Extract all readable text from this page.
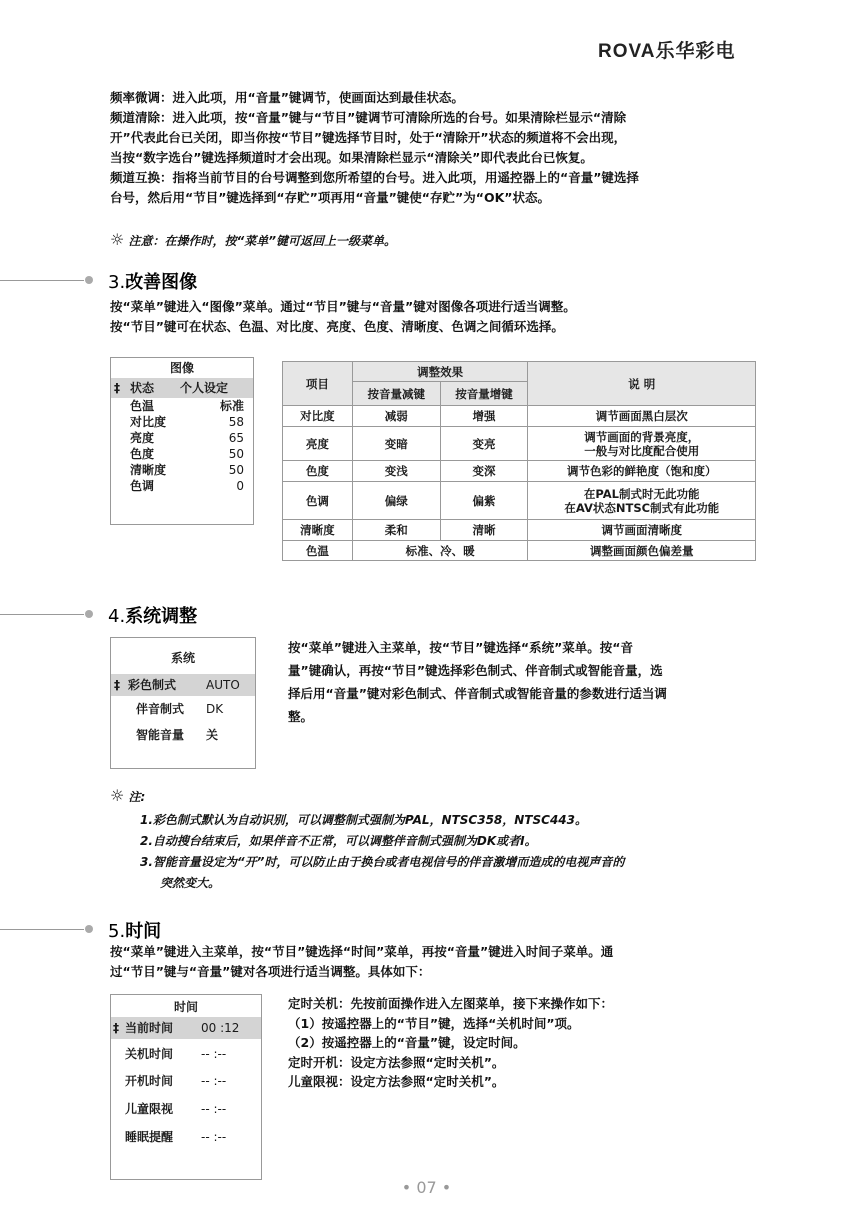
ROVA乐华彩电

频率微调：进入此项，用“音量”键调节，使画面达到最佳状态。

频道清除：进入此项，按“音量”键与“节目”键调节可清除所选的台号。如果清除栏显示“清除

开”代表此台已关闭，即当你按“节目”键选择节目时，处于“清除开”状态的频道将不会出现，

当按“数字选台”键选择频道时才会出现。如果清除栏显示“清除关”即代表此台已恢复。

频道互换：指将当前节目的台号调整到您所希望的台号。进入此项，用遥控器上的“音量”键选择

台号，然后用“节目”键选择到“存贮”项再用“音量”键使“存贮”为“OK”状态。

☼ 注意：在操作时，按“菜单”键可返回上一级菜单。
3.改善图像

按“菜单”键进入“图像”菜单。通过“节目”键与“音量”键对图像各项进行适当调整。

按“节目”键可在状态、色温、对比度、亮度、色度、清晰度、色调之间循环选择。

图像
‡ 状态	个人设定
色温	标准
对比度	58
亮度	65
色度	50
清晰度	50
色调	0
项目	调整效果		说 明
	按音量减键	按音量增键	
对比度	减弱	增强	调节画面黑白层次
亮度	变暗	变亮	调节画面的背景亮度，
一般与对比度配合使用
色度	变浅	变深	调节色彩的鲜艳度（饱和度）
色调	偏绿	偏紫	在PAL制式时无此功能
在AV状态NTSC制式有此功能
清晰度	柔和	清晰	调节画面清晰度
色温	标准、冷、暖		调整画面颜色偏差量
4.系统调整
系统
‡ 彩色制式	AUTO
伴音制式	DK
智能音量	关

按“菜单”键进入主菜单，按“节目”键选择“系统”菜单。按“音

量”键确认，再按“节目”键选择彩色制式、伴音制式或智能音量，选

择后用“音量”键对彩色制式、伴音制式或智能音量的参数进行适当调

整。

☼ 注:
1.彩色制式默认为自动识别，可以调整制式强制为PAL，NTSC358，NTSC443。
2.自动搜台结束后，如果伴音不正常，可以调整伴音制式强制为DK或者I。
3.智能音量设定为“开”时，可以防止由于换台或者电视信号的伴音激增而造成的电视声音的
突然变大。
5.时间

按“菜单”键进入主菜单，按“节目”键选择“时间”菜单，再按“音量”键进入时间子菜单。通

过“节目”键与“音量”键对各项进行适当调整。具体如下：

时间
‡ 当前时间	00 :12
关机时间	-- :--
开机时间	-- :--
儿童限视	-- :--
睡眠提醒	-- :--

定时关机：先按前面操作进入左图菜单，接下来操作如下：

（1）按遥控器上的“节目”键，选择“关机时间”项。

（2）按遥控器上的“音量”键，设定时间。

定时开机：设定方法参照“定时关机”。

儿童限视：设定方法参照“定时关机”。

• 07 •
